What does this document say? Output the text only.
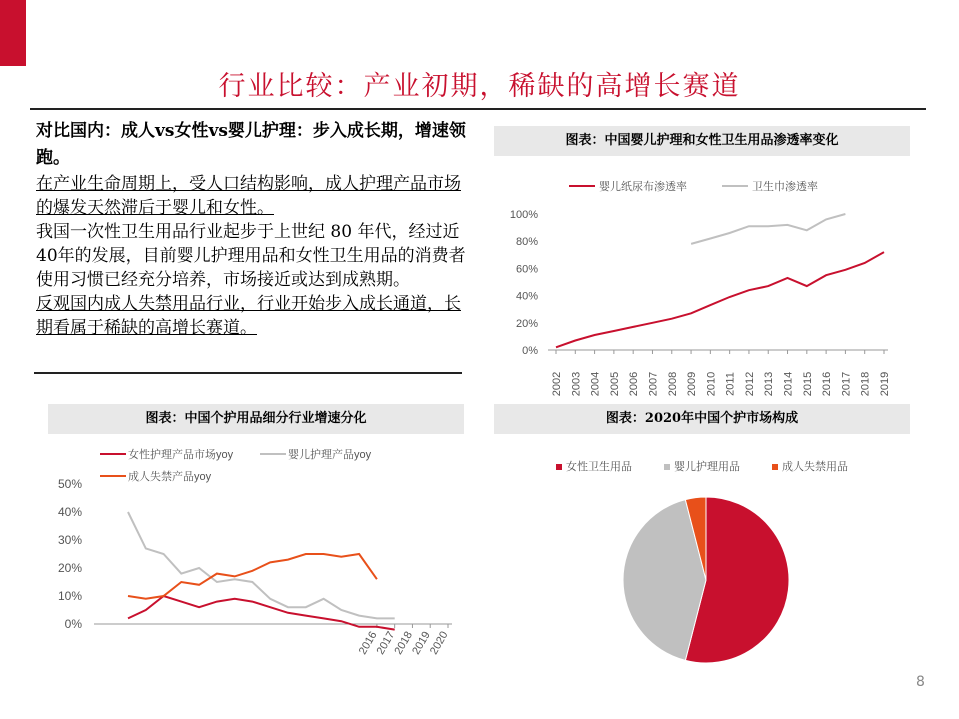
行业比较：产业初期，稀缺的高增长赛道
对比国内：成人vs女性vs婴儿护理：步入成长期，增速领跑。
在产业生命周期上，受人口结构影响，成人护理产品市场的爆发天然滞后于婴儿和女性。
我国一次性卫生用品行业起步于上世纪 80 年代，经过近40年的发展，目前婴儿护理用品和女性卫生用品的消费者使用习惯已经充分培养，市场接近或达到成熟期。
反观国内成人失禁用品行业，行业开始步入成长通道，长期看属于稀缺的高增长赛道。
图表：中国婴儿护理和女性卫生用品渗透率变化
婴儿纸尿布渗透率	卫生巾渗透率
0%
20%
40%
60%
80%
100%
2002 2003 2004 2005 2006 2007 2008 2009 2010 2011 2012 2013 2014 2015 2016 2017 2018 2019
图表：中国个护用品细分行业增速分化
女性护理产品市场yoy	婴儿护理产品yoy
成人失禁产品yoy
0%
10%
20%
30%
40%
50%
2016
2017
2018
2019
2020
图表：2020年中国个护市场构成
女性卫生用品	婴儿护理用品	成人失禁用品
8
